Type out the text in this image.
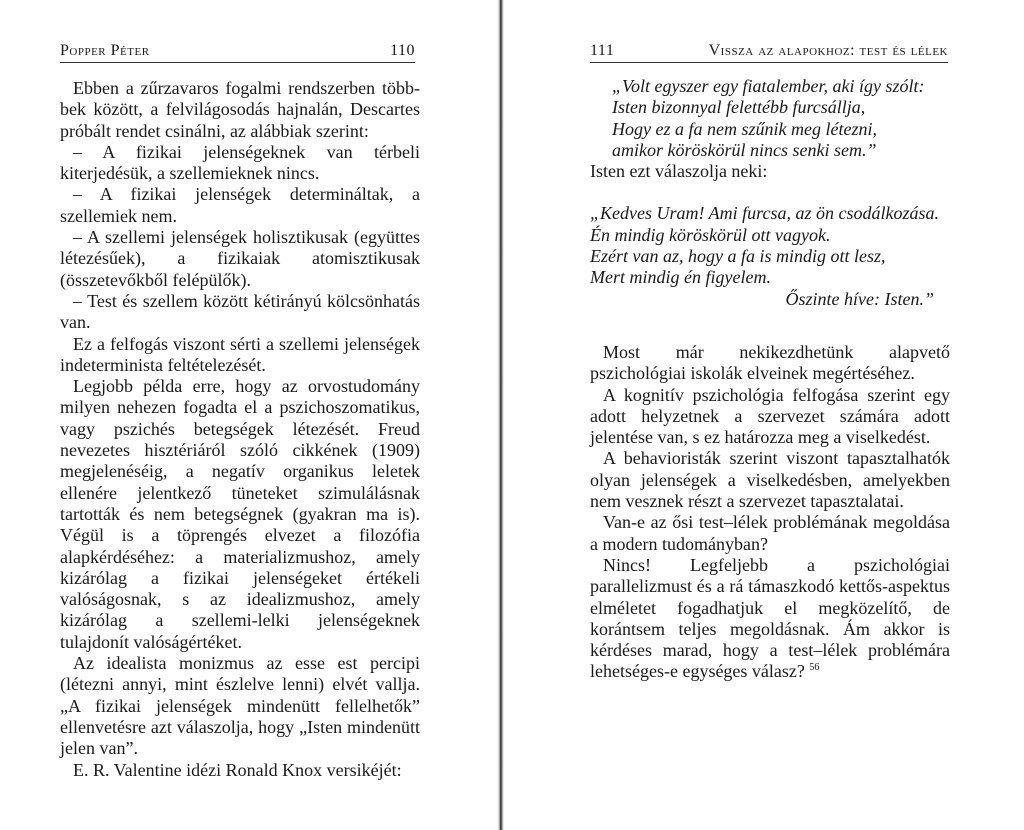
Popper Péter	110

Ebben a zűrzavaros fogalmi rendszerben több-bek között, a felvilágosodás hajnalán, Descartes próbált rendet csinálni, az alábbiak szerint:

– A fizikai jelenségeknek van térbeli kiterjedésük, a szellemieknek nincs.

– A fizikai jelenségek determináltak, a szellemiek nem.

– A szellemi jelenségek holisztikusak (együttes létezésűek), a fizikaiak atomisztikusak (összetevőkből felépülők).

– Test és szellem között kétirányú kölcsönhatás van.

Ez a felfogás viszont sérti a szellemi jelenségek indeterminista feltételezését.

Legjobb példa erre, hogy az orvostudomány milyen nehezen fogadta el a pszichoszomatikus, vagy pszichés betegségek létezését. Freud nevezetes hisztériáról szóló cikkének (1909) megjelenéséig, a negatív organikus leletek ellenére jelentkező tüneteket szimulálásnak tartották és nem betegségnek (gyakran ma is). Végül is a töprengés elvezet a filozófia alapkérdéséhez: a materializmushoz, amely kizárólag a fizikai jelenségeket értékeli valóságosnak, s az idealizmushoz, amely kizárólag a szellemi-lelki jelenségeknek tulajdonít valóságértéket.

Az idealista monizmus az esse est percipi (létezni annyi, mint észlelve lenni) elvét vallja. „A fizikai jelenségek mindenütt fellelhetők” ellenvetésre azt válaszolja, hogy „Isten mindenütt jelen van”.

E. R. Valentine idézi Ronald Knox versikéjét:

111	Vissza az alapokhoz: test és lélek
„Volt egyszer egy fiatalember, aki így szólt:
Isten bizonnyal felettébb furcsállja,
Hogy ez a fa nem szűnik meg létezni,
amikor köröskörül nincs senki sem.”
Isten ezt válaszolja neki:
„Kedves Uram! Ami furcsa, az ön csodálkozása.
Én mindig köröskörül ott vagyok.
Ezért van az, hogy a fa is mindig ott lesz,
Mert mindig én figyelem.
Őszinte híve: Isten.”

Most már nekikezdhetünk alapvető pszichológiai iskolák elveinek megértéséhez.

A kognitív pszichológia felfogása szerint egy adott helyzetnek a szervezet számára adott jelentése van, s ez határozza meg a viselkedést.

A behavioristák szerint viszont tapasztalhatók olyan jelenségek a viselkedésben, amelyekben nem vesznek részt a szervezet tapasztalatai.

Van-e az ősi test–lélek problémának megoldása a modern tudományban?

Nincs! Legfeljebb a pszichológiai parallelizmust és a rá támaszkodó kettős-aspektus elméletet fogadhatjuk el megközelítő, de korántsem teljes megoldásnak. Ám akkor is kérdéses marad, hogy a test–lélek problémára lehetséges-e egységes válasz? $^{56}$
